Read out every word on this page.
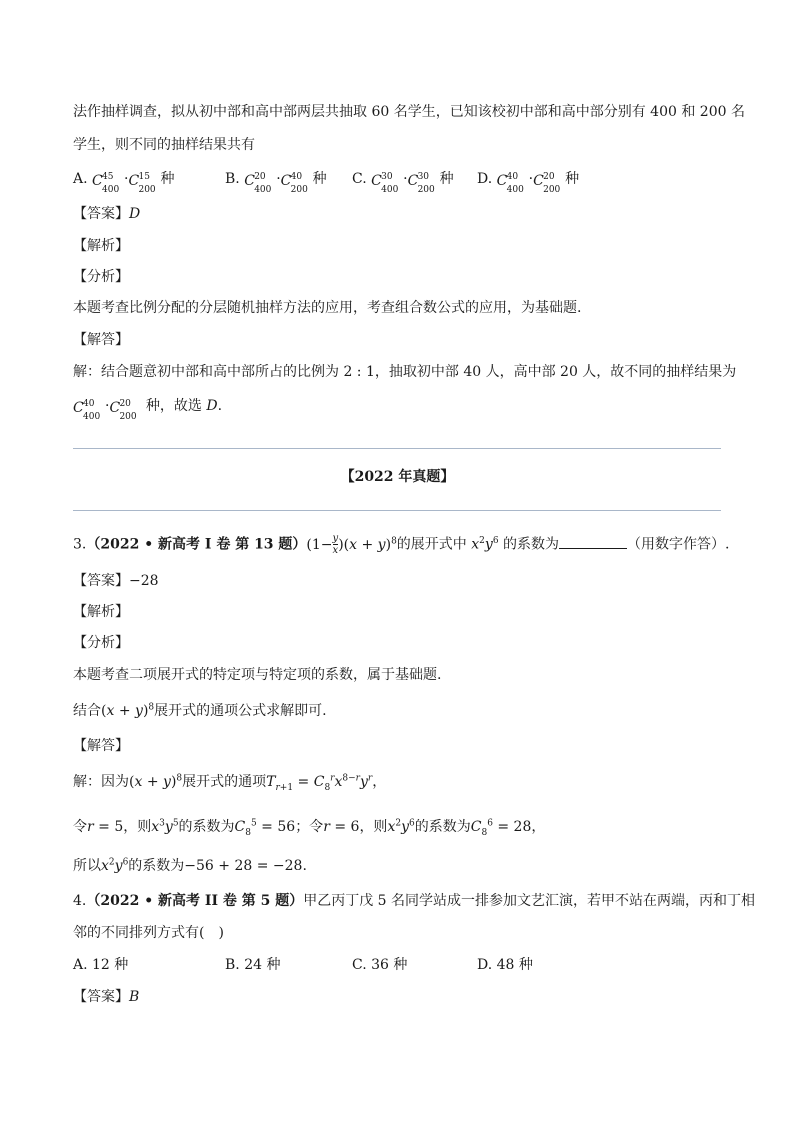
法作抽样调查，拟从初中部和高中部两层共抽取 60 名学生，已知该校初中部和高中部分别有 400 和 200 名
学生，则不同的抽样结果共有
A. C 45
400
· C 15
200
种	B. C 20
400
· C 40
200
种 C. C 30
400
· C 30
200
种 D. C 40
400
· C 20
200
种
【答案】D
【解析】
【分析】
本题考查比例分配的分层随机抽样方法的应用，考查组合数公式的应用，为基础题.
【解答】
解：结合题意初中部和高中部所占的比例为 2 : 1，抽取初中部 40 人，高中部 20 人，故不同的抽样结果为
C 40
400
· C 20
200
种，故选 D.
【2022 年真题】
3.（2022 • 新高考 I 卷 第 13 题）$(1- \frac{y}{x} )(x + y)^8$的展开式中 $x^2y^6$ 的系数为	（用数字作答）.
【答案】−28
【解析】
【分析】
本题考查二项展开式的特定项与特定项的系数，属于基础题.
结合$(x + y)^8$展开式的通项公式求解即可.
【解答】
解：因为$(x + y)^8$展开式的通项$T_{r+1} = C_8^rx^{8-r}y^r$，
令r = 5，则$x^3y^5$的系数为$C_8^5 = 56$；令r = 6，则$x^2y^6$的系数为$C_8^6 = 28$，
所以$x^2y^6$的系数为−56 + 28 = −28.
4.（2022 • 新高考 II 卷 第 5 题）甲乙丙丁戊 5 名同学站成一排参加文艺汇演，若甲不站在两端，丙和丁相
邻的不同排列方式有(　)
A. 12 种	B. 24 种	C. 36 种	D. 48 种
【答案】B
